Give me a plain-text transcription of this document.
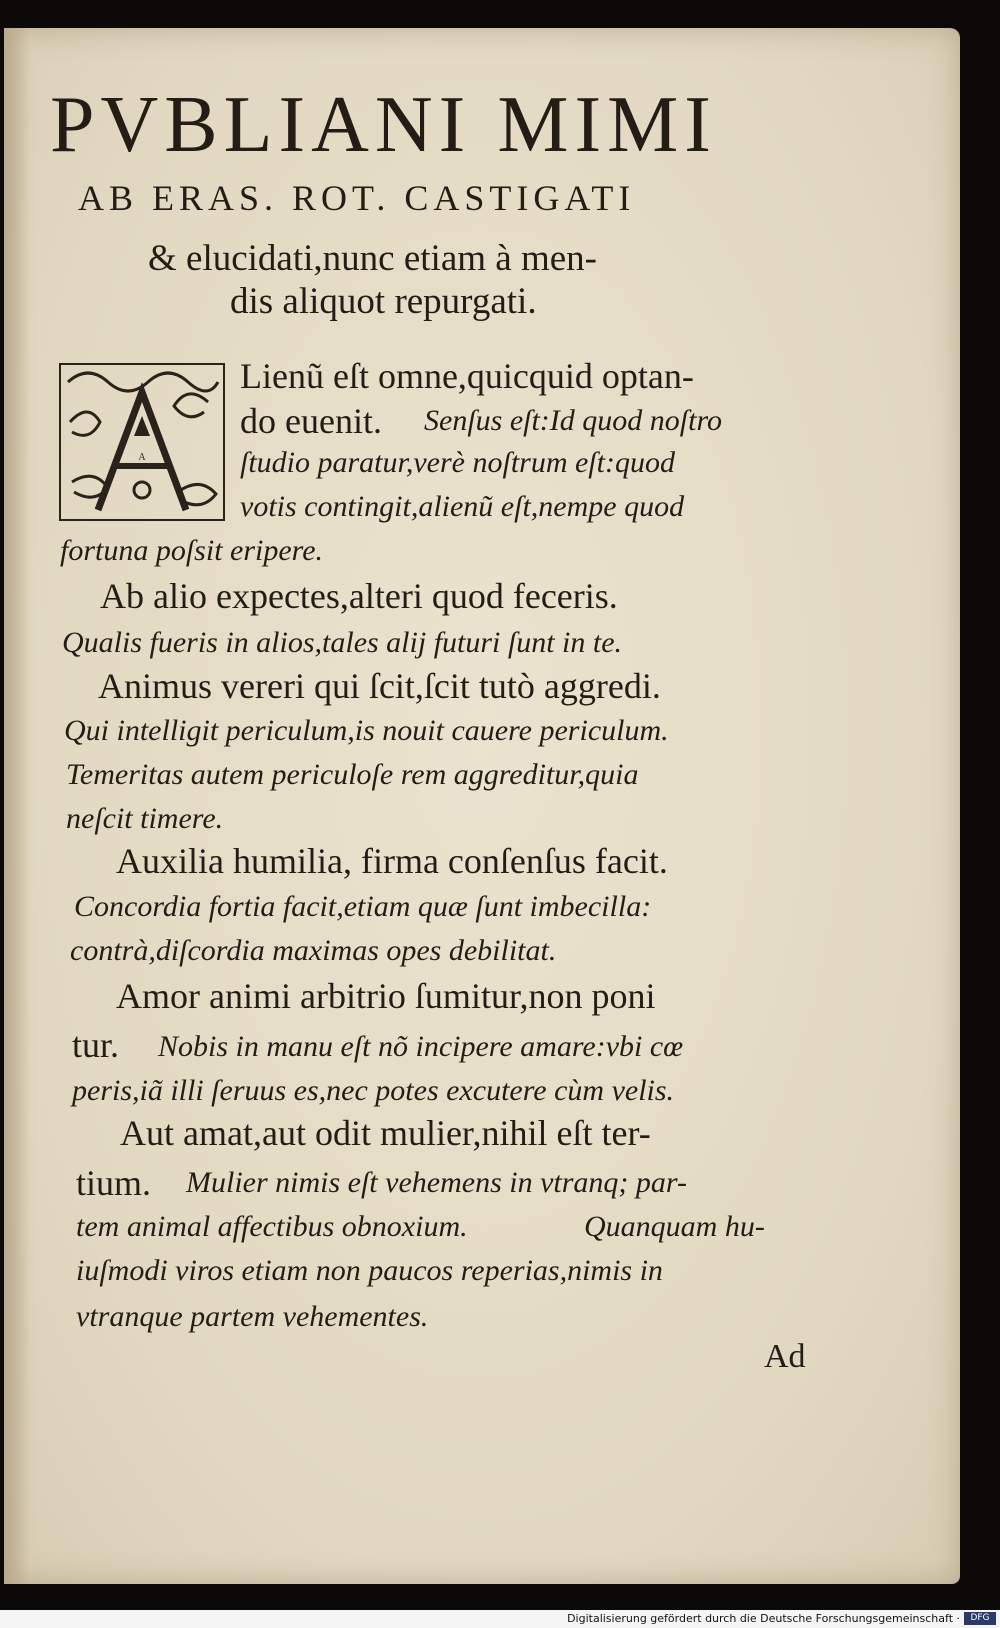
PVBLIANI MIMI
AB ERAS. ROT. CASTIGATI
& elucidati,nunc etiam à men-
dis aliquot repurgati.
A
Lienũ eſt omne,quicquid optan-
do euenit. Senſus eſt:Id quod noſtro
ſtudio paratur,verè noſtrum eſt:quod
votis contingit,alienũ eſt,nempe quod
fortuna poſsit eripere.
Ab alio expectes,alteri quod feceris.
Qualis fueris in alios,tales alij futuri ſunt in te.
Animus vereri qui ſcit,ſcit tutò aggredi.
Qui intelligit periculum,is nouit cauere periculum.
Temeritas autem periculoſe rem aggreditur,quia
neſcit timere.
Auxilia humilia, firma conſenſus facit.
Concordia fortia facit,etiam quæ ſunt imbecilla:
contrà,diſcordia maximas opes debilitat.
Amor animi arbitrio ſumitur,non poni
tur. Nobis in manu eſt nõ incipere amare:vbi cœ
peris,iã illi ſeruus es,nec potes excutere cùm velis.
Aut amat,aut odit mulier,nihil eſt ter-
tium. Mulier nimis eſt vehemens in vtranq; par-
tem animal affectibus obnoxium.	Quanquam hu-
iuſmodi viros etiam non paucos reperias,nimis in
vtranque partem vehementes.
Ad
Digitalisierung gefördert durch die Deutsche Forschungsgemeinschaft ·	DFG
